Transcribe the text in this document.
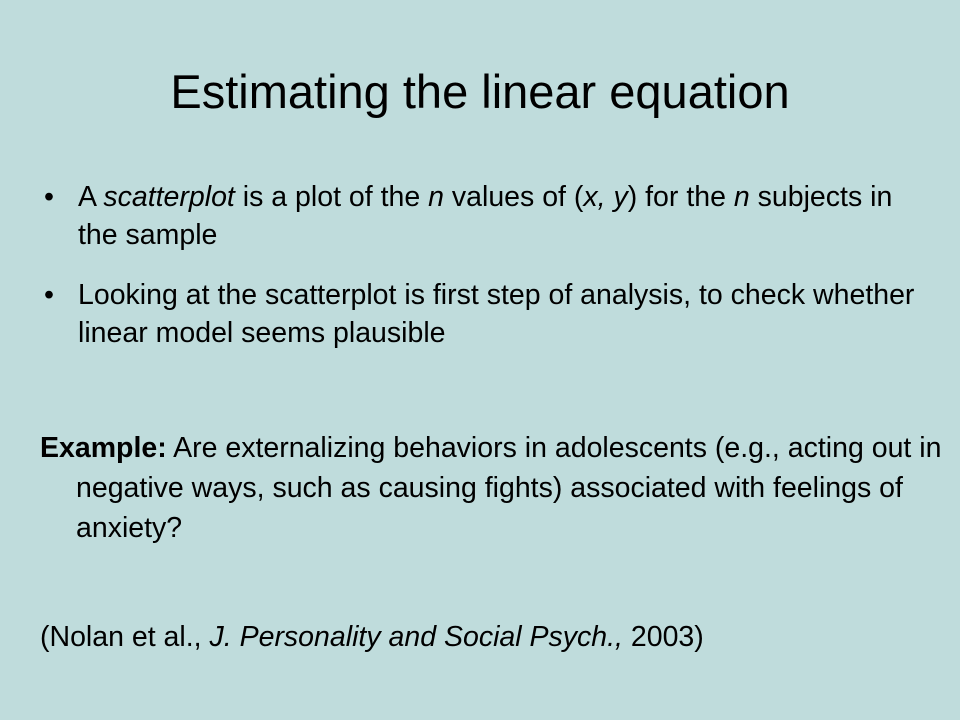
Estimating the linear equation
• A scatterplot is a plot of the n values of (x, y) for the n subjects in the sample
• Looking at the scatterplot is first step of analysis, to check whether linear model seems plausible
Example: Are externalizing behaviors in adolescents (e.g., acting out in negative ways, such as causing fights) associated with feelings of anxiety?
(Nolan et al., J. Personality and Social Psych., 2003)
